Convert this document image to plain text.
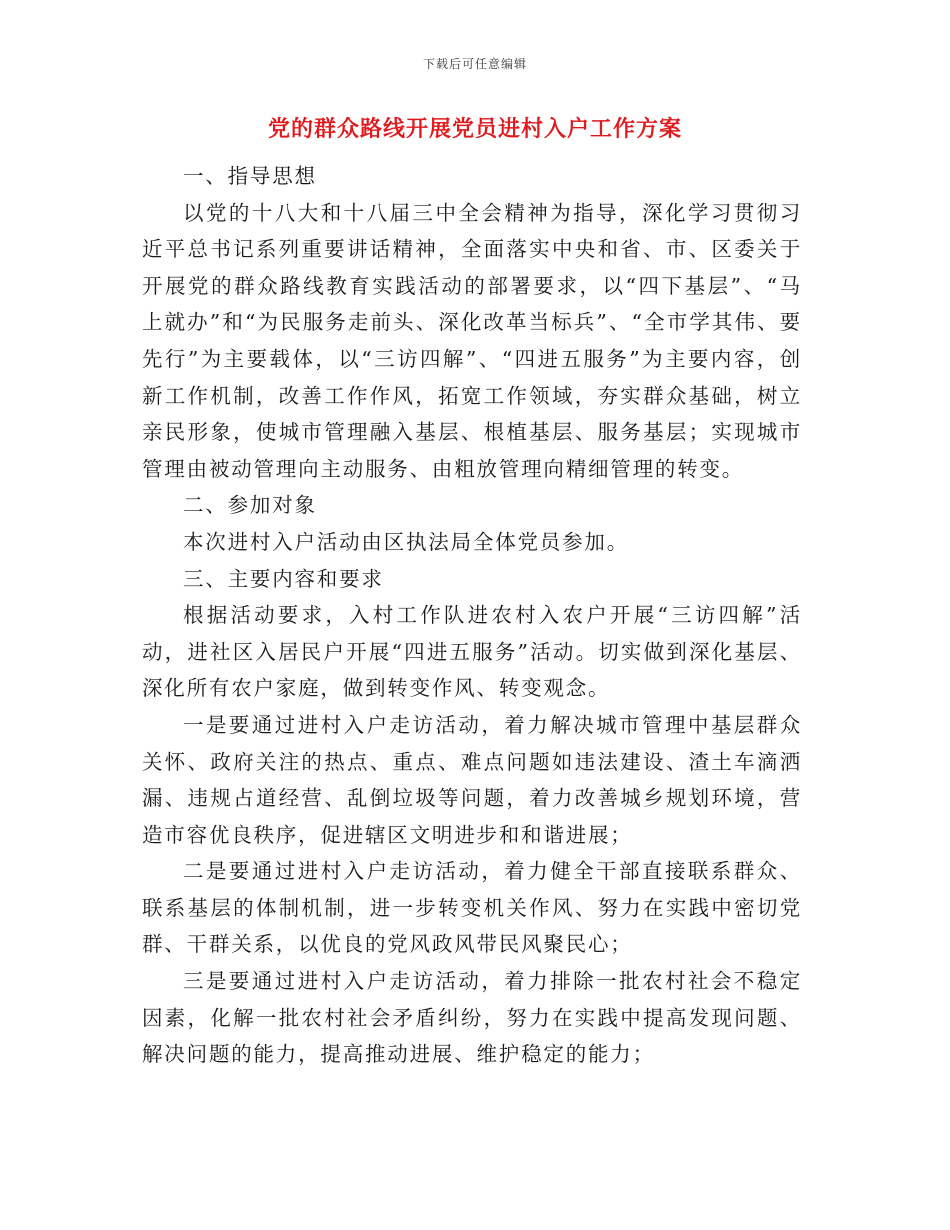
下载后可任意编辑
党的群众路线开展党员进村入户工作方案

一、指导思想

以党的十八大和十八届三中全会精神为指导，深化学习贯彻习近平总书记系列重要讲话精神，全面落实中央和省、市、区委关于开展党的群众路线教育实践活动的部署要求，以“四下基层”、“马上就办”和“为民服务走前头、深化改革当标兵”、“全市学其伟、要先行”为主要载体，以“三访四解”、“四进五服务”为主要内容，创新工作机制，改善工作作风，拓宽工作领域，夯实群众基础，树立亲民形象，使城市管理融入基层、根植基层、服务基层；实现城市管理由被动管理向主动服务、由粗放管理向精细管理的转变。

二、参加对象

本次进村入户活动由区执法局全体党员参加。

三、主要内容和要求

根据活动要求，入村工作队进农村入农户开展“三访四解”活动，进社区入居民户开展“四进五服务”活动。切实做到深化基层、深化所有农户家庭，做到转变作风、转变观念。

一是要通过进村入户走访活动，着力解决城市管理中基层群众关怀、政府关注的热点、重点、难点问题如违法建设、渣土车滴洒漏、违规占道经营、乱倒垃圾等问题，着力改善城乡规划环境，营造市容优良秩序，促进辖区文明进步和和谐进展；

二是要通过进村入户走访活动，着力健全干部直接联系群众、联系基层的体制机制，进一步转变机关作风、努力在实践中密切党群、干群关系，以优良的党风政风带民风聚民心；

三是要通过进村入户走访活动，着力排除一批农村社会不稳定因素，化解一批农村社会矛盾纠纷，努力在实践中提高发现问题、解决问题的能力，提高推动进展、维护稳定的能力；
